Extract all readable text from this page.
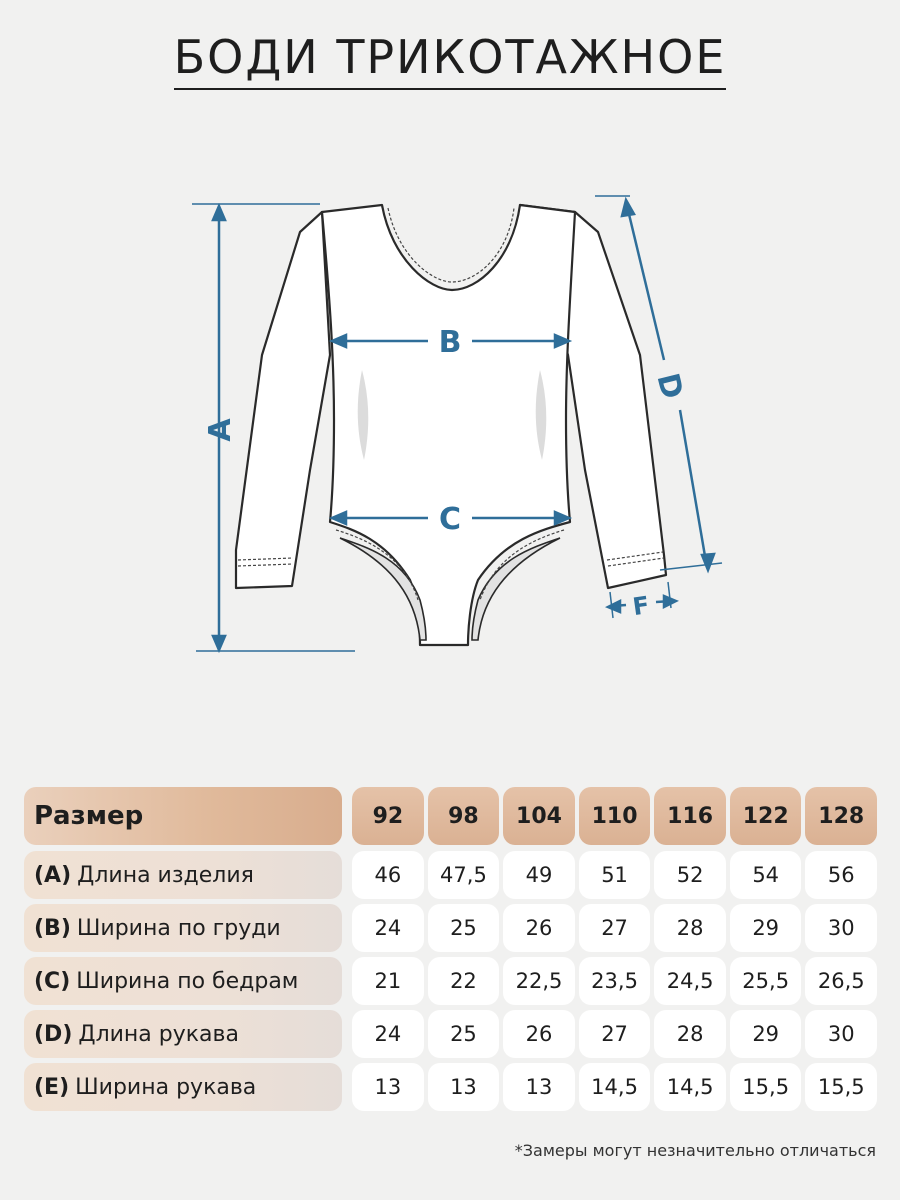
БОДИ ТРИКОТАЖНОЕ
A
B
C
D
F
Размер	92	98	104	110	116	122	128
(A) Длина изделия	46	47,5	49	51	52	54	56
(B) Ширина по груди	24	25	26	27	28	29	30
(C) Ширина по бедрам	21	22	22,5	23,5	24,5	25,5	26,5
(D) Длина рукава	24	25	26	27	28	29	30
(E) Ширина рукава	13	13	13	14,5	14,5	15,5	15,5
*Замеры могут незначительно отличаться
